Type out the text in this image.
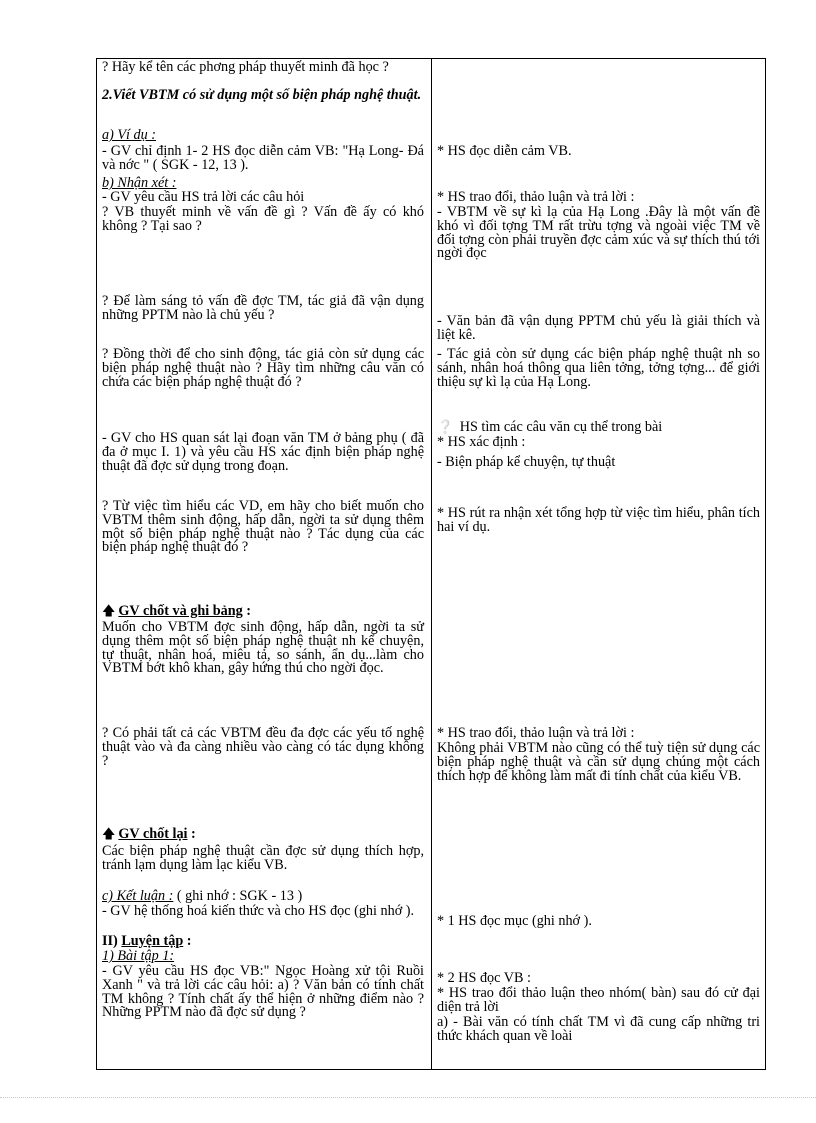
? Hãy kể tên các phơng pháp thuyết minh đã học ?
2.Viết VBTM có sử dụng một số biện pháp nghệ thuật.
a) Ví dụ :
- GV chỉ định 1- 2 HS đọc diễn cảm VB: "Hạ Long- Đá và nớc " ( SGK - 12, 13 ).
b) Nhận xét :
- GV yêu cầu HS trả lời các câu hỏi
? VB thuyết minh về vấn đề gì ? Vấn đề ấy có khó không ? Tại sao ?
? Để làm sáng tỏ vấn đề đợc TM, tác giả đã vận dụng những PPTM nào là chủ yếu ?
? Đồng thời để cho sinh động, tác giả còn sử dụng các biện pháp nghệ thuật nào ? Hãy tìm những câu văn có chứa các biện pháp nghệ thuật đó ?
- GV cho HS quan sát lại đoạn văn TM ở bảng phụ ( đã đa ở mục I. 1) và yêu cầu HS xác định biện pháp nghệ thuật đã đợc sử dụng trong đoạn.
? Từ việc tìm hiểu các VD, em hãy cho biết muốn cho VBTM thêm sinh động, hấp dẫn, ngời ta sử dụng thêm một số biện pháp nghệ thuật nào ? Tác dụng của các biện pháp nghệ thuật đó ?
🡅 GV chốt và ghi bảng :
Muốn cho VBTM đợc sinh động, hấp dẫn, ngời ta sử dụng thêm một số biện pháp nghệ thuật nh kể chuyện, tự thuật, nhân hoá, miêu tả, so sánh, ẩn dụ...làm cho VBTM bớt khô khan, gây hứng thú cho ngời đọc.
? Có phải tất cả các VBTM đều đa đợc các yếu tố nghệ thuật vào và đa càng nhiều vào càng có tác dụng không ?
🡅 GV chốt lại :
Các biện pháp nghệ thuật cần đợc sử dụng thích hợp, tránh lạm dụng làm lạc kiểu VB.
c) Kết luận : ( ghi nhớ : SGK - 13 )
- GV hệ thống hoá kiến thức và cho HS đọc (ghi nhớ ).
II) Luyện tập :
1) Bài tập 1:
- GV yêu cầu HS đọc VB:" Ngọc Hoàng xử tội Ruồi Xanh " và trả lời các câu hỏi: a) ? Văn bản có tính chất TM không ? Tính chất ấy thể hiện ở những điểm nào ? Những PPTM nào đã đợc sử dụng ?
* HS đọc diễn cảm VB.
* HS trao đổi, thảo luận và trả lời :
- VBTM về sự kì lạ của Hạ Long .Đây là một vấn đề khó vì đối tợng TM rất trừu tợng và ngoài việc TM về đối tợng còn phải truyền đợc cảm xúc và sự thích thú tới ngời đọc
- Văn bản đã vận dụng PPTM chủ yếu là giải thích và liệt kê.
- Tác giả còn sử dụng các biện pháp nghệ thuật nh so sánh, nhân hoá thông qua liên tởng, tởng tợng... để giới thiệu sự kì lạ của Hạ Long.
❔ HS tìm các câu văn cụ thể trong bài
* HS xác định :
- Biện pháp kể chuyện, tự thuật
* HS rút ra nhận xét tổng hợp từ việc tìm hiểu, phân tích hai ví dụ.
* HS trao đổi, thảo luận và trả lời :
Không phải VBTM nào cũng có thể tuỳ tiện sử dụng các biện pháp nghệ thuật và cần sử dụng chúng một cách thích hợp để không làm mất đi tính chất của kiểu VB.
* 1 HS đọc mục (ghi nhớ ).
* 2 HS đọc VB :
* HS trao đổi thảo luận theo nhóm( bàn) sau đó cử đại diện trả lời
a) - Bài văn có tính chất TM vì đã cung cấp những tri thức khách quan về loài
